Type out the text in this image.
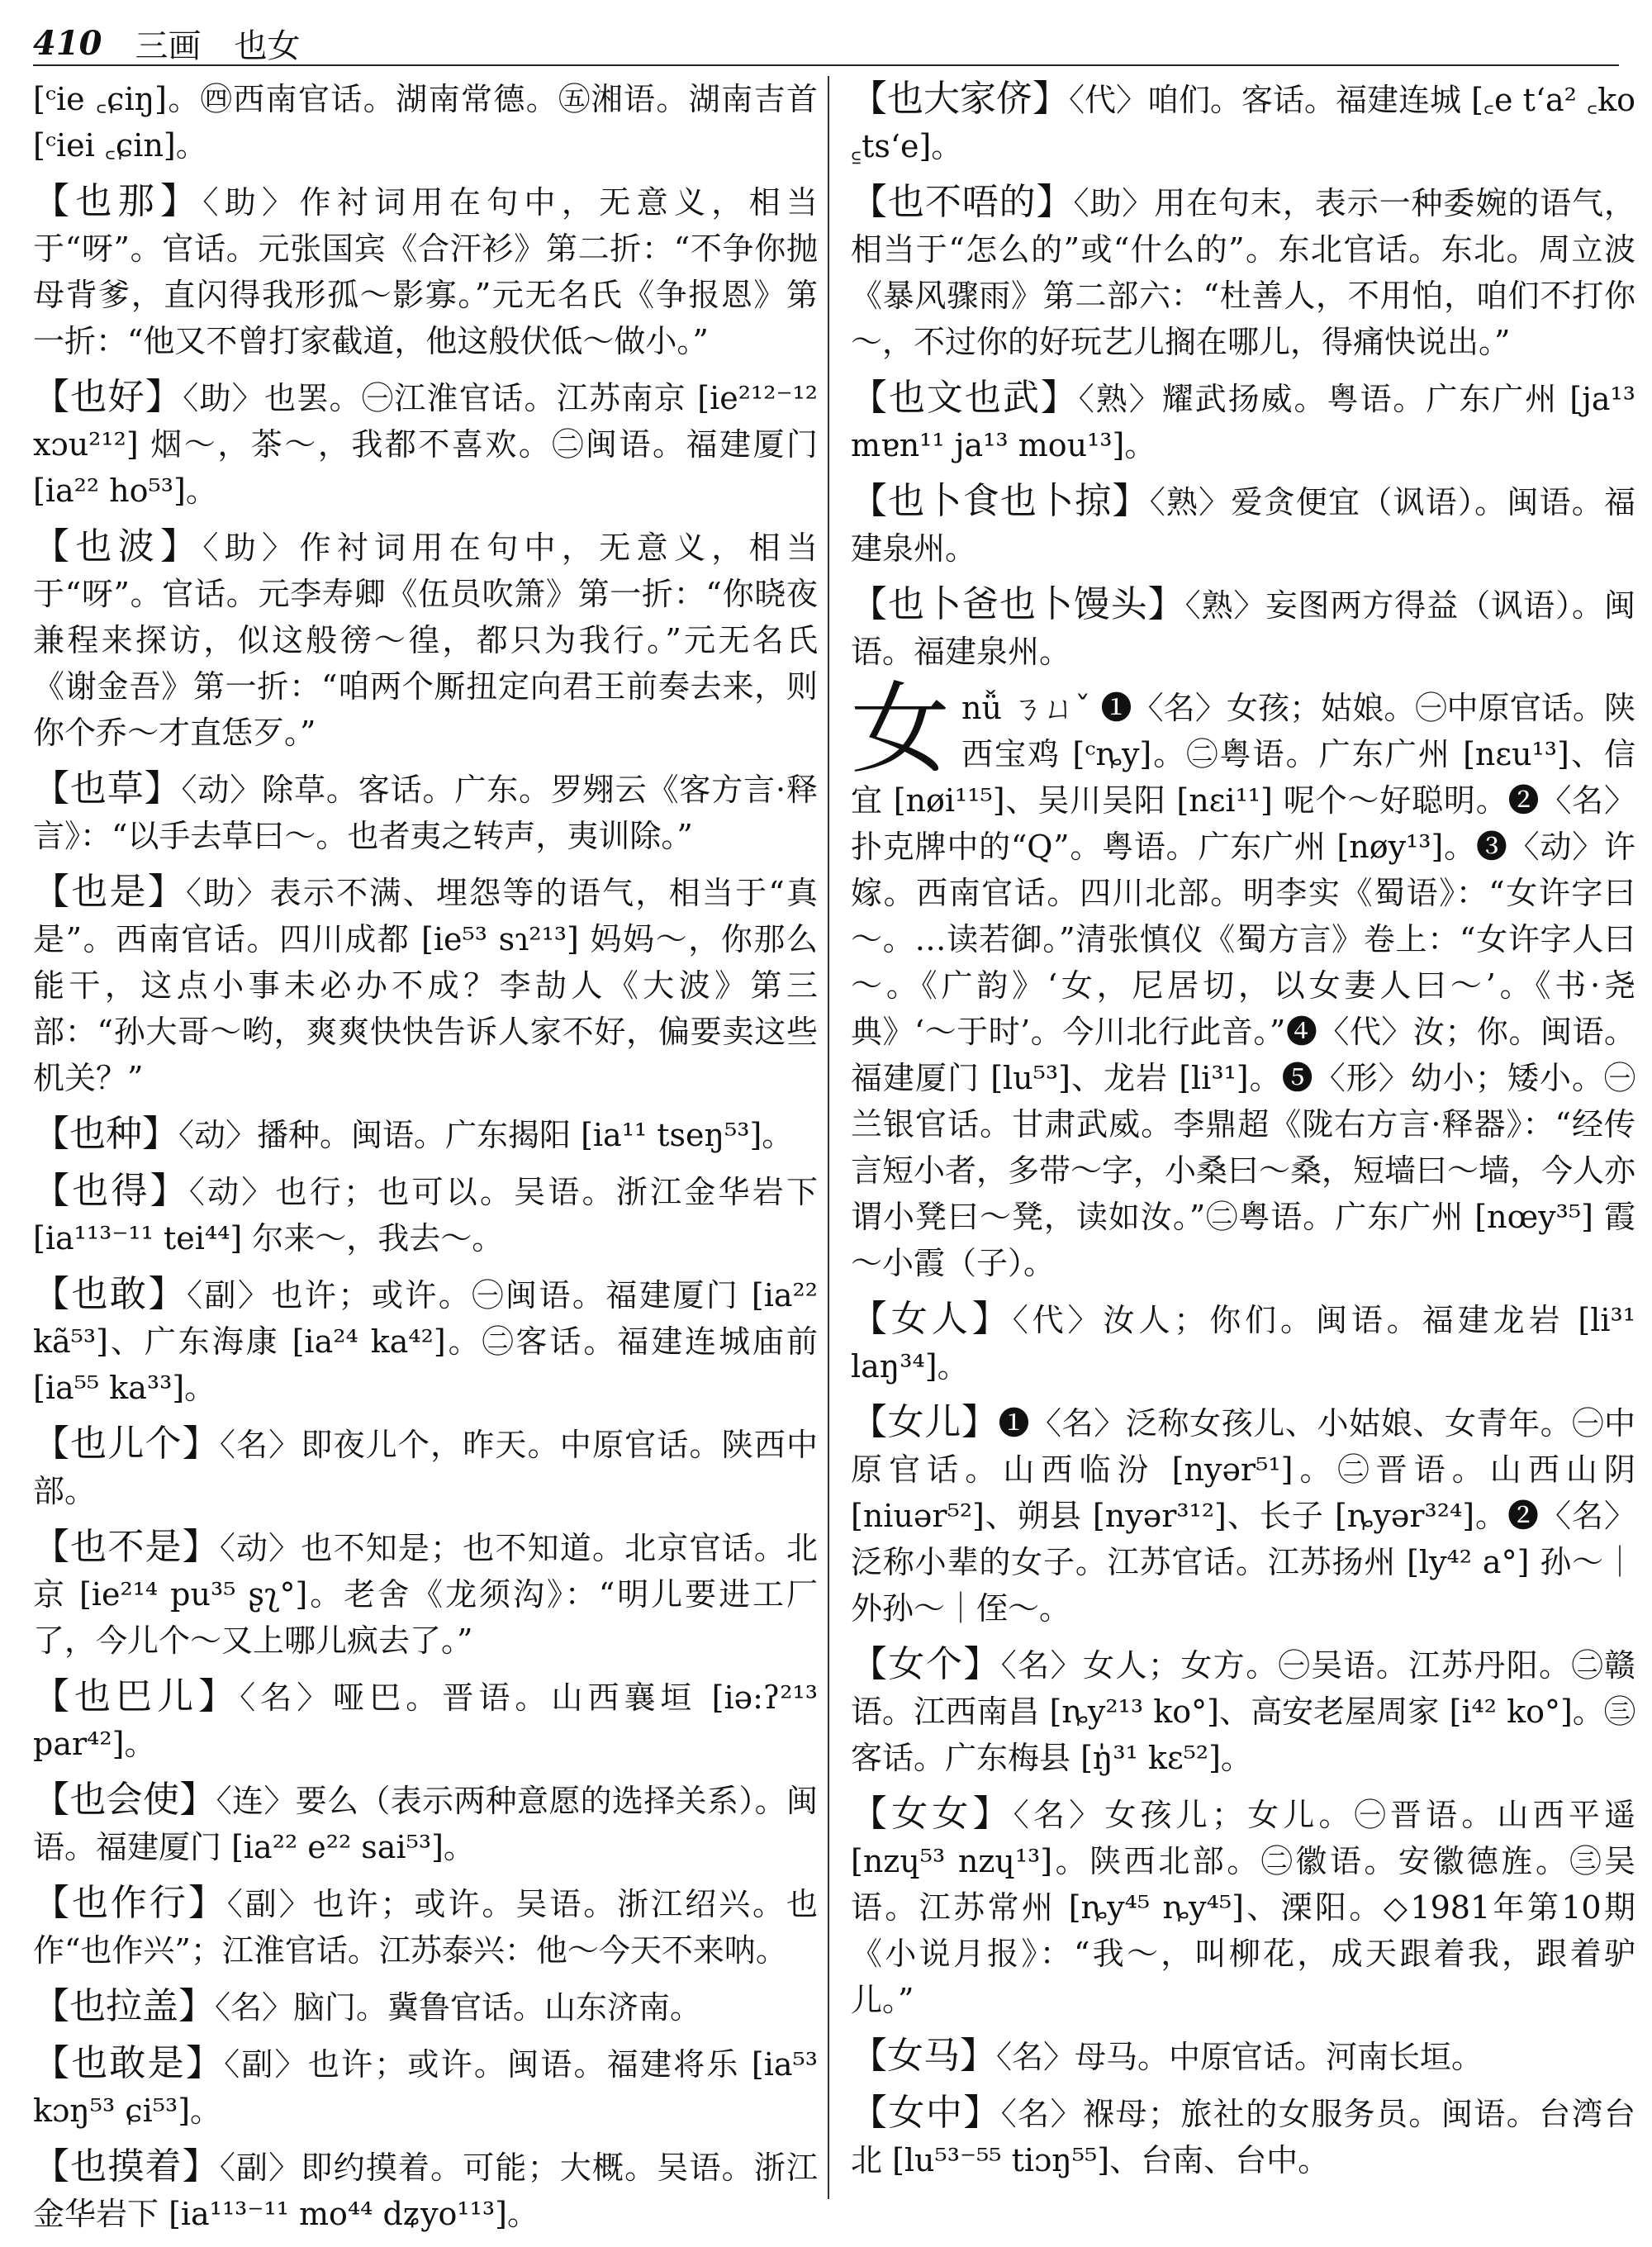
410 三画 也女
[ᶜie ꜀ɕiŋ]。㊃西南官话。湖南常德。㊄湘语。湖南吉首 [ᶜiei ꜀ɕin]。
【也那】〈助〉作衬词用在句中，无意义，相当于“呀”。官话。元张国宾《合汗衫》第二折：“不争你抛母背爹，直闪得我形孤～影寡。”元无名氏《争报恩》第一折：“他又不曾打家截道，他这般伏低～做小。”
【也好】〈助〉也罢。㊀江淮官话。江苏南京 [ie²¹²⁻¹² xɔu²¹²] 烟～，茶～，我都不喜欢。㊁闽语。福建厦门 [ia²² ho⁵³]。
【也波】〈助〉作衬词用在句中，无意义，相当于“呀”。官话。元李寿卿《伍员吹箫》第一折：“你晓夜兼程来探访，似这般徬～徨，都只为我行。”元无名氏《谢金吾》第一折：“咱两个厮扭定向君王前奏去来，则你个乔～才直恁歹。”
【也草】〈动〉除草。客话。广东。罗翙云《客方言·释言》：“以手去草曰～。也者夷之转声，夷训除。”
【也是】〈助〉表示不满、埋怨等的语气，相当于“真是”。西南官话。四川成都 [ie⁵³ sɿ²¹³] 妈妈～，你那么能干，这点小事未必办不成？李劼人《大波》第三部：“孙大哥～哟，爽爽快快告诉人家不好，偏要卖这些机关？”
【也种】〈动〉播种。闽语。广东揭阳 [ia¹¹ tseŋ⁵³]。
【也得】〈动〉也行；也可以。吴语。浙江金华岩下 [ia¹¹³⁻¹¹ tei⁴⁴] 尔来～，我去～。
【也敢】〈副〉也许；或许。㊀闽语。福建厦门 [ia²² kã⁵³]、广东海康 [ia²⁴ ka⁴²]。㊁客话。福建连城庙前 [ia⁵⁵ ka³³]。
【也儿个】〈名〉即夜儿个，昨天。中原官话。陕西中部。
【也不是】〈动〉也不知是；也不知道。北京官话。北京 [ie²¹⁴ pu³⁵ ʂʅ°]。老舍《龙须沟》：“明儿要进工厂了，今儿个～又上哪儿疯去了。”
【也巴儿】〈名〉哑巴。晋语。山西襄垣 [iə:ʔ²¹³ par⁴²]。
【也会使】〈连〉要么（表示两种意愿的选择关系）。闽语。福建厦门 [ia²² e²² sai⁵³]。
【也作行】〈副〉也许；或许。吴语。浙江绍兴。也作“也作兴”；江淮官话。江苏泰兴：他～今天不来呐。
【也拉盖】〈名〉脑门。冀鲁官话。山东济南。
【也敢是】〈副〉也许；或许。闽语。福建将乐 [ia⁵³ kɔŋ⁵³ ɕi⁵³]。
【也摸着】〈副〉即约摸着。可能；大概。吴语。浙江金华岩下 [ia¹¹³⁻¹¹ mo⁴⁴ dʑyo¹¹³]。
【也大家侪】〈代〉咱们。客话。福建连城 [꜀e tʻa² ꜀ko ꜁tsʻe]。
【也不唔的】〈助〉用在句末，表示一种委婉的语气，相当于“怎么的”或“什么的”。东北官话。东北。周立波《暴风骤雨》第二部六：“杜善人，不用怕，咱们不打你～，不过你的好玩艺儿搁在哪儿，得痛快说出。”
【也文也武】〈熟〉耀武扬威。粤语。广东广州 [ja¹³ mɐn¹¹ ja¹³ mou¹³]。
【也卜食也卜掠】〈熟〉爱贪便宜（讽语）。闽语。福建泉州。
【也卜爸也卜馒头】〈熟〉妄图两方得益（讽语）。闽语。福建泉州。
女nǚ ㄋㄩˇ ❶〈名〉女孩；姑娘。㊀中原官话。陕西宝鸡 [ᶜȵy]。㊁粤语。广东广州 [nɛu¹³]、信宜 [nøi¹¹⁵]、吴川吴阳 [nɛi¹¹] 呢个～好聪明。❷〈名〉扑克牌中的“Q”。粤语。广东广州 [nøy¹³]。❸〈动〉许嫁。西南官话。四川北部。明李实《蜀语》：“女许字曰～。…读若御。”清张慎仪《蜀方言》卷上：“女许字人曰～。《广韵》‘女，尼居切，以女妻人曰～’。《书·尧典》‘～于时’。今川北行此音。”❹〈代〉汝；你。闽语。福建厦门 [lu⁵³]、龙岩 [li³¹]。❺〈形〉幼小；矮小。㊀兰银官话。甘肃武威。李鼎超《陇右方言·释器》：“经传言短小者，多带～字，小桑曰～桑，短墙曰～墙，今人亦谓小凳曰～凳，读如汝。”㊁粤语。广东广州 [nœy³⁵] 霞～小霞（子）。
【女人】〈代〉汝人；你们。闽语。福建龙岩 [li³¹ laŋ³⁴]。
【女儿】❶〈名〉泛称女孩儿、小姑娘、女青年。㊀中原官话。山西临汾 [nyər⁵¹]。㊁晋语。山西山阴 [niuər⁵²]、朔县 [nyər³¹²]、长子 [ȵyər³²⁴]。❷〈名〉泛称小辈的女子。江苏官话。江苏扬州 [ly⁴² a°] 孙～｜外孙～｜侄～。
【女个】〈名〉女人；女方。㊀吴语。江苏丹阳。㊁赣语。江西南昌 [ȵy²¹³ ko°]、高安老屋周家 [i⁴² ko°]。㊂客话。广东梅县 [ŋ̍³¹ kɛ⁵²]。
【女女】〈名〉女孩儿；女儿。㊀晋语。山西平遥 [nzɥ⁵³ nzɥ¹³]。陕西北部。㊁徽语。安徽德旌。㊂吴语。江苏常州 [ȵy⁴⁵ ȵy⁴⁵]、溧阳。◇1981年第10期《小说月报》：“我～，叫柳花，成天跟着我，跟着驴儿。”
【女马】〈名〉母马。中原官话。河南长垣。
【女中】〈名〉褓母；旅社的女服务员。闽语。台湾台北 [lu⁵³⁻⁵⁵ tiɔŋ⁵⁵]、台南、台中。
